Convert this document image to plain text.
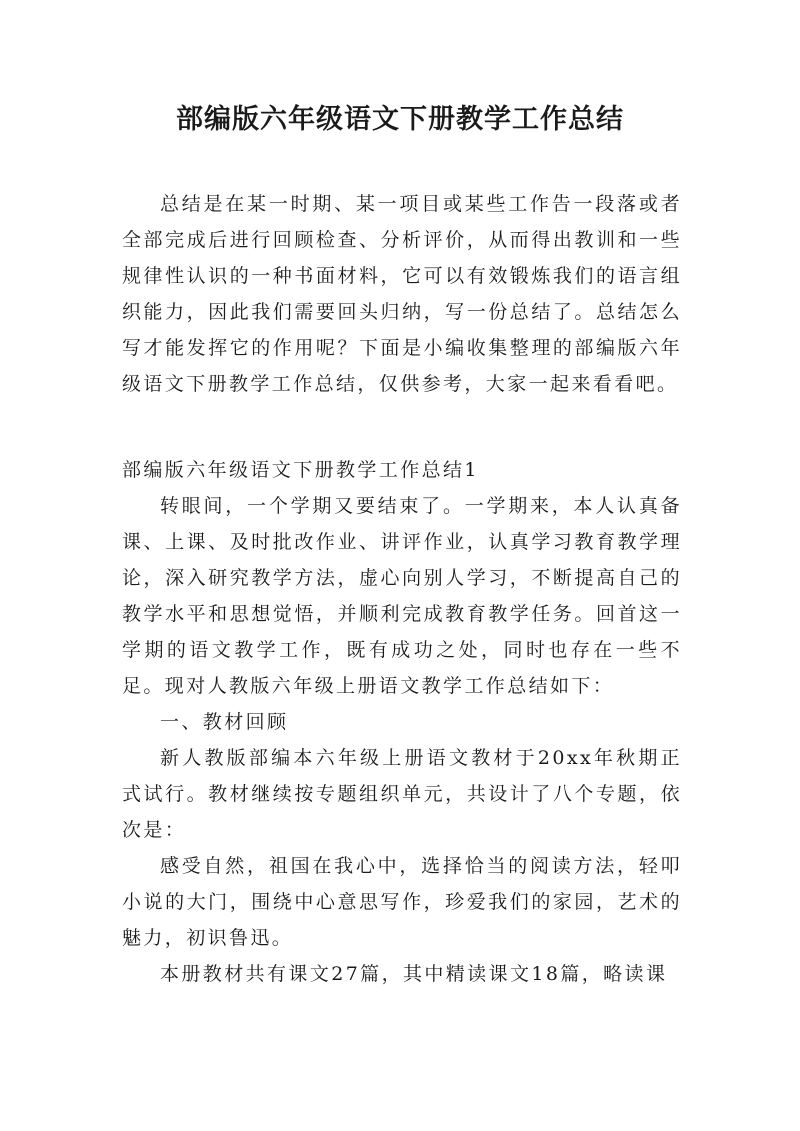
部编版六年级语文下册教学工作总结

总结是在某一时期、某一项目或某些工作告一段落或者全部完成后进行回顾检查、分析评价，从而得出教训和一些规律性认识的一种书面材料，它可以有效锻炼我们的语言组织能力，因此我们需要回头归纳，写一份总结了。总结怎么写才能发挥它的作用呢？下面是小编收集整理的部编版六年级语文下册教学工作总结，仅供参考，大家一起来看看吧。

部编版六年级语文下册教学工作总结1

转眼间，一个学期又要结束了。一学期来，本人认真备课、上课、及时批改作业、讲评作业，认真学习教育教学理论，深入研究教学方法，虚心向别人学习，不断提高自己的教学水平和思想觉悟，并顺利完成教育教学任务。回首这一学期的语文教学工作，既有成功之处，同时也存在一些不足。现对人教版六年级上册语文教学工作总结如下：

一、教材回顾

新人教版部编本六年级上册语文教材于20xx年秋期正式试行。教材继续按专题组织单元，共设计了八个专题，依次是：

感受自然，祖国在我心中，选择恰当的阅读方法，轻叩小说的大门，围绕中心意思写作，珍爱我们的家园，艺术的魅力，初识鲁迅。

本册教材共有课文27篇，其中精读课文18篇，略读课
